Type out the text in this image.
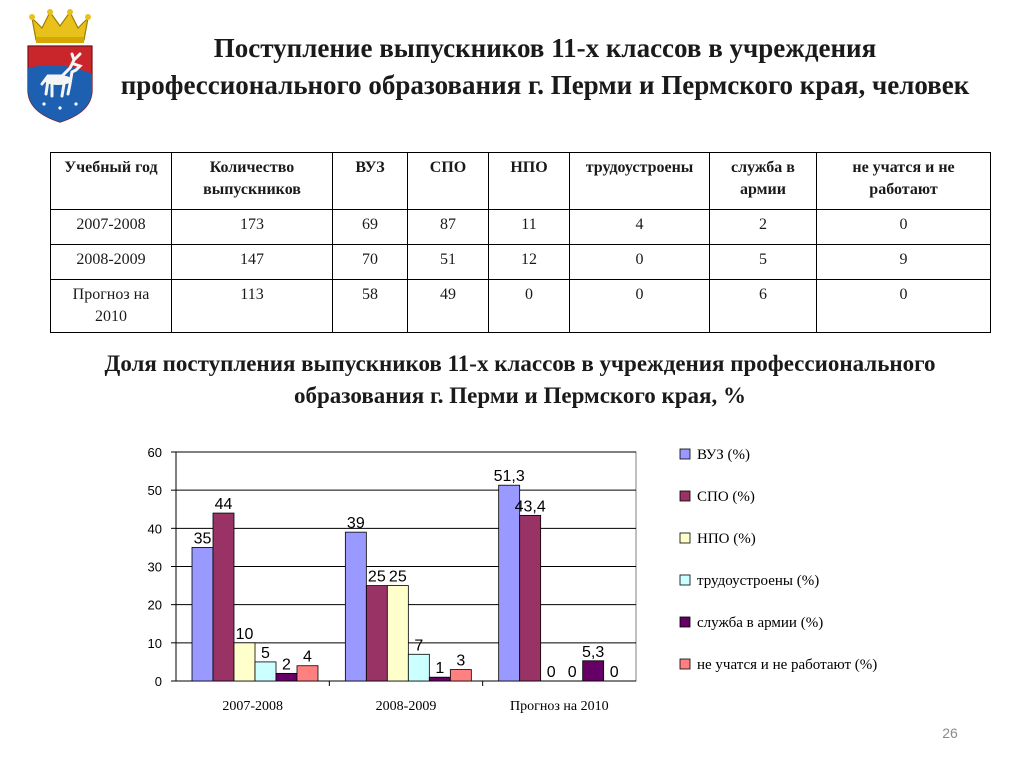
Поступление выпускников 11-х классов в учреждения профессионального образования г. Перми и Пермского края, человек
Учебный год	Количество выпускников	ВУЗ	СПО	НПО	трудоустроены	служба в армии	не учатся и не работают
2007-2008	173	69	87	11	4	2	0
2008-2009	147	70	51	12	0	5	9
Прогноз на 2010	113	58	49	0	0	6	0
Доля поступления выпускников 11-х классов в учреждения профессионального образования г. Перми и Пермского края, %
0
10
20
30
40
50
60
2007-2008
35
44
10
5
2 4
2008-2009
39
25 25
7
1 3
Прогноз на 2010
51,3
43,4
0 0
5,3
0
ВУЗ (%)
СПО (%)
НПО (%)
трудоустроены (%)
служба в армии (%)
не учатся и не работают (%)
26
